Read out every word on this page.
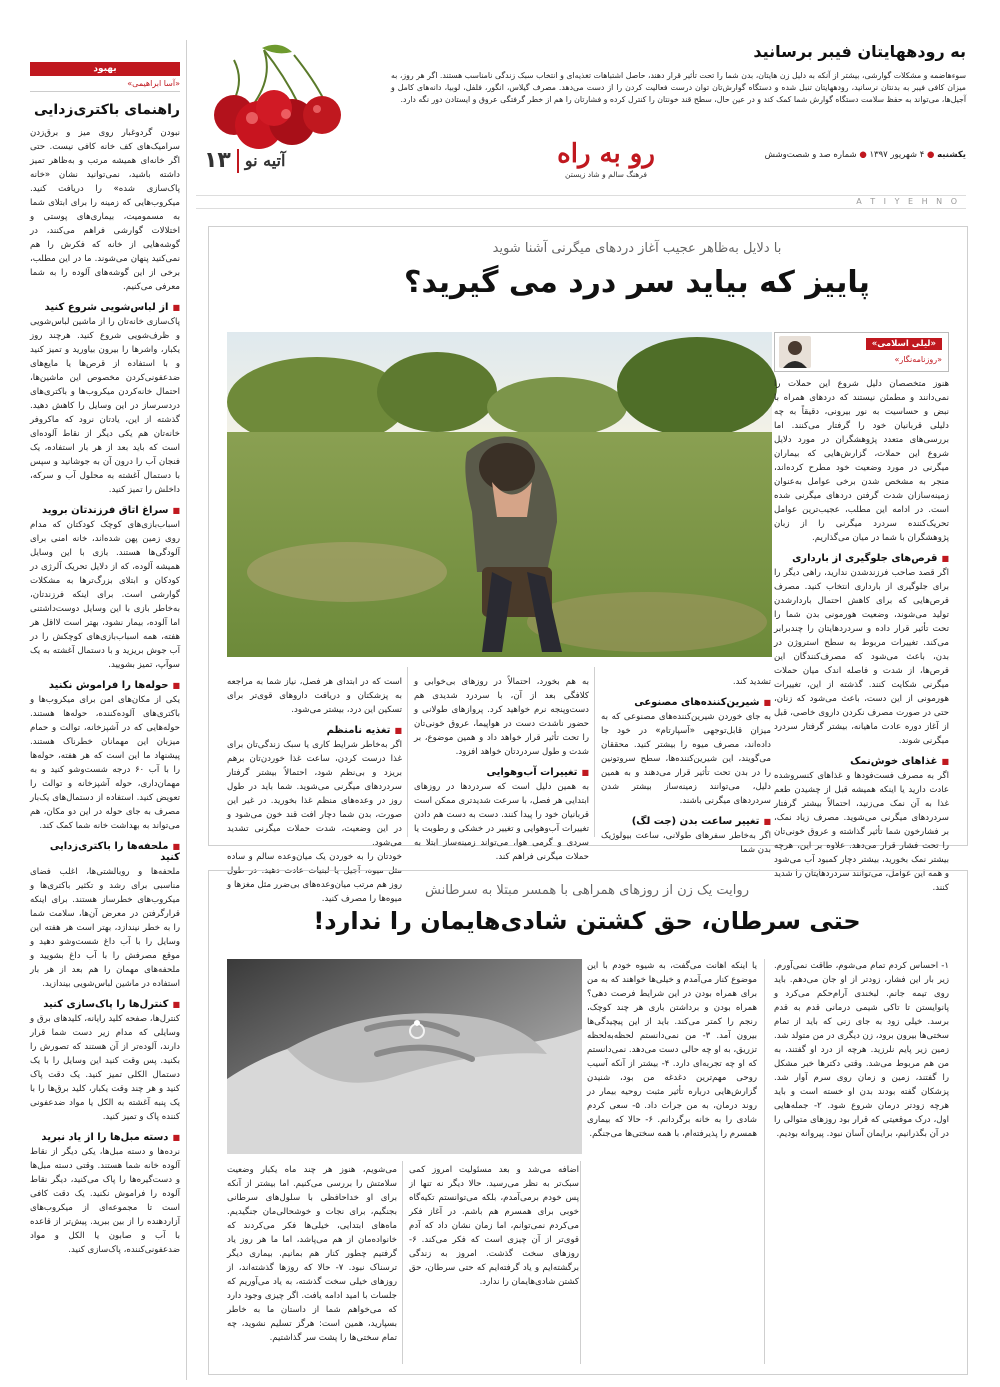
بهبود
«آسا ابراهیمی»
راهنمای باکتری‌زدایی
نبودن گردوغبار روی میز و برق‌زدن سرامیک‌های کف خانه کافی نیست. حتی اگر خانه‌ای همیشه مرتب و به‌ظاهر تمیز داشته باشید، نمی‌توانید نشان «خانه پاک‌سازی شده» را دریافت کنید. میکروب‌هایی که زمینه را برای ابتلای شما به مسمومیت، بیماری‌های پوستی و اختلالات گوارشی فراهم می‌کنند، در گوشه‌هایی از خانه که فکرش را هم نمی‌کنید پنهان می‌شوند. ما در این مطلب، برخی از این گوشه‌های آلوده را به شما معرفی می‌کنیم.
■ از لباس‌شویی شروع کنید
پاک‌سازی خانه‌تان را از ماشین لباس‌شویی و ظرف‌شویی شروع کنید. هرچند روز یکبار، واشرها را بیرون بیاورید و تمیز کنید و با استفاده از قرص‌ها یا مایع‌های ضدعفونی‌کردن مخصوص این ماشین‌ها، احتمال خانه‌کردن میکروب‌ها و باکتری‌های دردسرساز در این وسایل را کاهش دهید. گذشته از این، یادتان نرود که ماکروفر خانه‌تان هم یکی دیگر از نقاط آلوده‌ای است که باید بعد از هر بار استفاده، یک فنجان آب را درون آن به جوشانید و سپس با دستمال آغشته به محلول آب و سرکه، داخلش را تمیز کنید.
■ سراغ اتاق فرزندتان بروید
اسباب‌بازی‌های کوچک کودکتان که مدام روی زمین پهن شده‌اند، خانه امنی برای آلودگی‌ها هستند. بازی با این وسایل همیشه آلوده، که از دلایل تحریک آلرژی در کودکان و ابتلای بزرگ‌ترها به مشکلات گوارشی است. برای اینکه فرزندتان، به‌خاطر بازی با این وسایل دوست‌داشتنی اما آلوده، بیمار نشود، بهتر است لااقل هر هفته، همه اسباب‌بازی‌های کوچکش را در آب جوش بریزید و با دستمال آغشته به یک سوآپ، تمیز بشویید.
■ حوله‌ها را فراموش نکنید
یکی از مکان‌های امن برای میکروب‌ها و باکتری‌های آلوده‌کننده، حوله‌ها هستند. حوله‌هایی که در آشپزخانه، توالت و حمام میزبان این مهمانان خطرناک هستند. پیشنهاد ما این است که هر هفته، حوله‌ها را با آب ۶۰ درجه شست‌وشو کنید و به مهمان‌داری، حوله آشپزخانه و توالت را تعویض کنید. استفاده از دستمال‌های یک‌بار مصرف به جای حوله در این دو مکان، هم می‌تواند به بهداشت خانه شما کمک کند.
■ ملحفه‌ها را باکتری‌زدایی کنید
ملحفه‌ها و روبالشتی‌ها، اغلب فضای مناسبی برای رشد و تکثیر باکتری‌ها و میکروب‌های خطرساز هستند. برای اینکه قرارگرفتن در معرض آن‌ها، سلامت شما را به خطر نیندازد، بهتر است هر هفته این وسایل را با آب داغ شست‌وشو دهید و موقع مصرفش را با آب داغ بشویید و ملحفه‌های مهمان را هم بعد از هر بار استفاده در ماشین لباس‌شویی بیندازید.
■ کنترل‌ها را پاک‌سازی کنید
کنترل‌ها، صفحه کلید رایانه، کلیدهای برق و وسایلی که مدام زیر دست شما قرار دارند، آلوده‌تر از آن هستند که تصورش را بکنید. پس وقت کنید این وسایل را با یک دستمال الکلی تمیز کنید. یک دقت پاک کنید و هر چند وقت یکبار، کلید برق‌ها را با یک پنبه آغشته به الکل یا مواد ضدعفونی کننده پاک و تمیز کنید.
■ دسته مبل‌ها را از یاد نبرید
نرده‌ها و دسته مبل‌ها، یکی دیگر از نقاط آلوده خانه شما هستند. وقتی دسته مبل‌ها و دست‌گیره‌ها را پاک می‌کنید، دیگر نقاط آلوده را فراموش نکنید. یک دقت کافی است تا مجموعه‌ای از میکروب‌های آزاردهنده را از بین ببرید. پیش‌تر از قاعده با آب و صابون یا الکل و مواد ضدعفونی‌کننده، پاک‌سازی کنید.
به رودههایتان فیبر برسانید
سوءهاضمه و مشکلات گوارشی، بیشتر از آنکه به دلیل زن هایتان، بدن شما را تحت تأثیر قرار دهند، حاصل اشتباهات تغذیه‌ای و انتخاب سبک زندگی نامناسب هستند. اگر هر روز، به میزان کافی فیبر به بدنتان نرسانید، رودههایتان تنبل شده و دستگاه گوارش‌تان توان درست فعالیت کردن را از دست می‌دهد. مصرف گیلاس، انگور، فلفل، لوبیا، دانه‌های کامل و آجیل‌ها، می‌تواند به حفظ سلامت دستگاه گوارش شما کمک کند و در عین حال، سطح قند خونتان را کنترل کرده و فشارتان را هم از خطر گرفتگی عروق و ایستادن دور نگه دارد.
یکشنبه ● ۴ شهریور ۱۳۹۷ ● شماره صد و شصت‌وشش
رو به راه
فرهنگ سالم و شاد زیستن
۱۳ آتیه نو
A T I Y E H N O
با دلایل به‌ظاهر عجیب آغاز دردهای میگرنی آشنا شوید
پاییز که بیاید سر درد می گیرید؟
«لیلی اسلامی»
«روزنامه‌نگار»
هنوز متخصصان دلیل شروع این حملات را نمی‌دانند و مطمئن نیستند که دردهای همراه با نبض و حساسیت به نور بیرونی، دقیقاً به چه دلیلی قربانیان خود را گرفتار می‌کنند. اما بررسی‌های متعدد پژوهشگران در مورد دلایل شروع این حملات، گزارش‌هایی که بیماران میگرنی در مورد وضعیت خود مطرح کرده‌اند، منجر به مشخص شدن برخی عوامل به‌عنوان زمینه‌سازان شدت گرفتن دردهای میگرنی شده است. در ادامه این مطلب، عجیب‌ترین عوامل تحریک‌کننده سردرد میگرنی را از زبان پژوهشگران با شما در میان می‌گذاریم.
■ قرص‌های جلوگیری از بارداری
اگر قصد صاحب فرزندشدن ندارید، راهی دیگر را برای جلوگیری از بارداری انتخاب کنید. مصرف قرص‌هایی که برای کاهش احتمال باردارشدن تولید می‌شوند، وضعیت هورمونی بدن شما را تحت تأثیر قرار داده و سردردهایتان را چندبرابر می‌کند. تغییرات مربوط به سطح استروژن در بدن، باعث می‌شود که مصرف‌کنندگان این قرص‌ها، از شدت و فاصله اندک میان حملات میگرنی شکایت کنند. گذشته از این، تغییرات هورمونی از این دست، باعث می‌شود که زنان، حتی در صورت مصرف نکردن داروی خاصی، قبل از آغاز دوره عادت ماهیانه، بیشتر گرفتار سردرد میگرنی شوند.
■ غذاهای خوش‌نمک
اگر به مصرف فست‌فودها و غذاهای کنسروشده عادت دارید یا اینکه همیشه قبل از چشیدن طعم غذا به آن نمک می‌زنید، احتمالاً بیشتر گرفتار سردردهای میگرنی می‌شوید. مصرف زیاد نمک، بر فشارخون شما تأثیر گذاشته و عروق خونی‌تان را تحت فشار قرار می‌دهد. علاوه بر این، هرچه بیشتر نمک بخورید، بیشتر دچار کمبود آب می‌شود و همه این عوامل، می‌توانند سردردهایتان را شدید کنند.
تشدید کند.
■ شیرین‌کننده‌های مصنوعی
به جای خوردن شیرین‌کننده‌های مصنوعی که به میزان قابل‌توجهی «آسپارتام» در خود جا داده‌اند، مصرف میوه را بیشتر کنید. محققان می‌گویند، این شیرین‌کننده‌ها، سطح سروتونین را در بدن تحت تأثیر قرار می‌دهند و به همین دلیل، می‌توانند زمینه‌ساز بیشتر شدن سردردهای میگرنی باشند.
■ تغییر ساعت بدن (جت لگ)
اگر به‌خاطر سفرهای طولانی، ساعت بیولوژیک بدن شما
به هم بخورد، احتمالاً در روزهای بی‌خوابی و کلافگی بعد از آن، با سردرد شدیدی هم دست‌وپنجه نرم خواهید کرد. پروازهای طولانی و حضور ناشدت دست در هواپیما، عروق خونی‌تان را تحت تأثیر قرار خواهد داد و همین موضوع، بر شدت و طول سردردتان خواهد افزود.
■ تغییرات آب‌وهوایی
به همین دلیل است که سردردها در روزهای ابتدایی هر فصل، با سرعت شدیدتری ممکن است قربانیان خود را پیدا کنند. دست به دست هم دادن تغییرات آب‌وهوایی و تغییر در خشکی و رطوبت یا سردی و گرمی هوا، می‌تواند زمینه‌ساز ابتلا به حملات میگرنی فراهم کند.
است که در ابتدای هر فصل، نیاز شما به مراجعه به پزشکتان و دریافت داروهای قوی‌تر برای تسکین این درد، بیشتر می‌شود.
■ تغذیه نامنظم
اگر به‌خاطر شرایط کاری یا سبک زندگی‌تان برای غذا درست کردن، ساعت غذا خوردن‌تان برهم بریزد و بی‌نظم شود، احتمالاً بیشتر گرفتار سردردهای میگرنی می‌شوید. شما باید در طول روز در وعده‌های منظم غذا بخورید. در غیر این صورت، بدن شما دچار افت قند خون می‌شود و در این وضعیت، شدت حملات میگرنی تشدید می‌شود.
خودتان را به خوردن یک میان‌وعده سالم و ساده مثل میوه، آجیل یا لبنیات عادت دهید. در طول روز هم مرتب میان‌وعده‌های بی‌ضرر مثل مغزها و میوه‌ها را مصرف کنید.
روایت یک زن از روزهای همراهی با همسر مبتلا به سرطانش
حتی سرطان، حق کشتن شادی‌هایمان را ندارد!
۱- احساس کردم تمام می‌شوم، طاقت نمی‌آورم. زیر بار این فشار، زودتر از او جان می‌دهم. باید روی تیمه جانم. لبخندی آرام‌حکم می‌کرد و پانوایستن تا تاکی شیمی درمانی قدم به قدم برسد. خیلی زود به جای زنی که باید از تمام سختی‌ها بیرون برود، زن دیگری در من متولد شد. زمین زیر پایم نلرزید. هرچه از درد او گفتند، به من هم مربوط می‌شد. وقتی دکترها خبر مشکل را گفتند، زمین و زمان روی سرم آوار شد. پزشکان گفته بودند بدن او خسته است و باید هرچه زودتر درمان شروع شود. ۲- جمله‌هایی اول، درک موقعیتی که قرار بود روزهای متوالی را در آن بگذرانیم، برایمان آسان نبود. پیروانه بودیم.
یا اینکه اهانت می‌گفت، به شیوه خودم با این موضوع کنار می‌آمدم و خیلی‌ها خواهند که به من برای همراه بودن در این شرایط فرصت دهی؟ همراه بودن و برداشتن باری هر چند کوچک، رنجم را کمتر می‌کند. باید از این پیچیدگی‌ها بیرون آمد. ۳- من نمی‌دانستم لحظه‌به‌لحظه تزریق، به او چه حالی دست می‌دهد. نمی‌دانستم که او چه تجربه‌ای دارد. ۴- بیشتر از آنکه آسیب روحی مهم‌ترین دغدغه من بود، شنیدن گزارش‌هایی درباره تأثیر مثبت روحیه بیمار در روند درمان، به من جرات داد. ۵- سعی کردم شادی را به خانه برگردانم. ۶- حالا که بیماری همسرم را پذیرفته‌ام، با همه سختی‌ها می‌جنگم.
اضافه می‌شد و بعد مسئولیت امروز کمی سبک‌تر به نظر می‌رسید. حالا دیگر نه تنها از پس خودم برمی‌آمدم، بلکه می‌توانستم تکیه‌گاه خوبی برای همسرم هم باشم. در آغاز فکر می‌کردم نمی‌توانم، اما زمان نشان داد که آدم قوی‌تر از آن چیزی است که فکر می‌کند. ۶- روزهای سخت گذشت. امروز به زندگی برگشته‌ایم و یاد گرفته‌ایم که حتی سرطان، حق کشتن شادی‌هایمان را ندارد.
می‌شویم، هنوز هر چند ماه یکبار وضعیت سلامتش را بررسی می‌کنیم. اما بیشتر از آنکه برای او خداحافظی با سلول‌های سرطانی بجنگیم، برای نجات و خوشحالی‌مان جنگیدیم. ماه‌های ابتدایی، خیلی‌ها فکر می‌کردند که خانواده‌مان از هم می‌پاشد، اما ما هر روز یاد گرفتیم چطور کنار هم بمانیم. بیماری دیگر ترسناک نبود. ۷- حالا که روزها گذشته‌اند، از روزهای خیلی سخت گذشته، به یاد می‌آوریم که جلسات با امید ادامه یافت. اگر چیزی وجود دارد که می‌خواهم شما از داستان ما به خاطر بسپارید، همین است: هرگز تسلیم نشوید، چه تمام سختی‌ها را پشت سر گذاشتیم.
